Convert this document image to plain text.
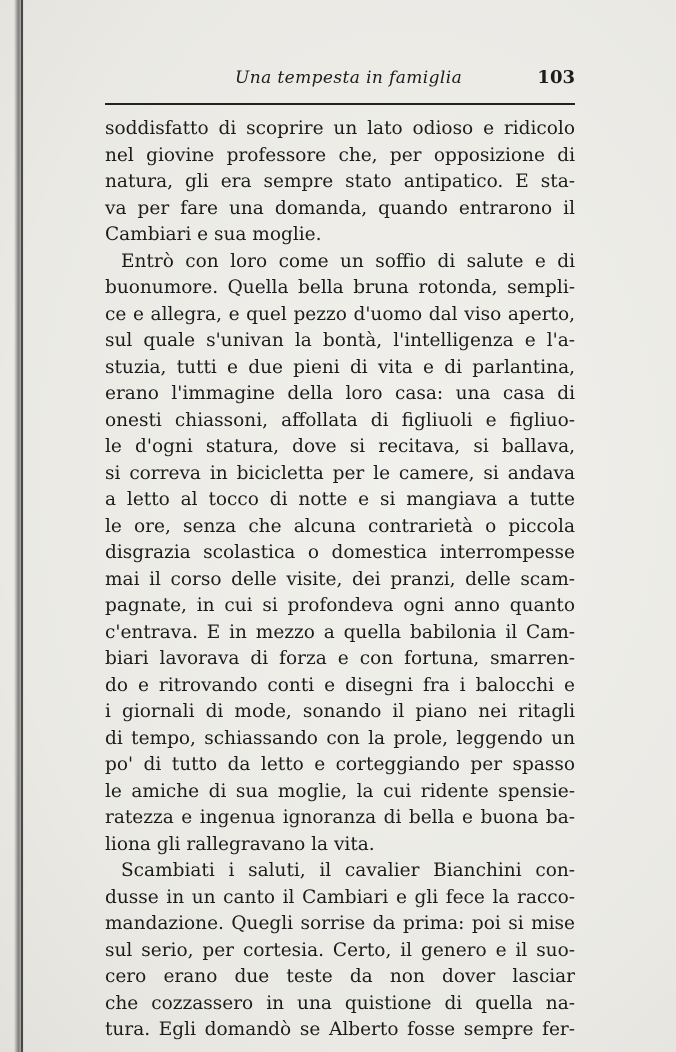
Una tempesta in famiglia	103
soddisfatto di scoprire un lato odioso e ridicolo
nel giovine professore che, per opposizione di
natura, gli era sempre stato antipatico. E sta-
va per fare una domanda, quando entrarono il
Cambiari e sua moglie.
Entrò con loro come un soffio di salute e di
buonumore. Quella bella bruna rotonda, sempli-
ce e allegra, e quel pezzo d'uomo dal viso aperto,
sul quale s'univan la bontà, l'intelligenza e l'a-
stuzia, tutti e due pieni di vita e di parlantina,
erano l'immagine della loro casa: una casa di
onesti chiassoni, affollata di figliuoli e figliuo-
le d'ogni statura, dove si recitava, si ballava,
si correva in bicicletta per le camere, si andava
a letto al tocco di notte e si mangiava a tutte
le ore, senza che alcuna contrarietà o piccola
disgrazia scolastica o domestica interrompesse
mai il corso delle visite, dei pranzi, delle scam-
pagnate, in cui si profondeva ogni anno quanto
c'entrava. E in mezzo a quella babilonia il Cam-
biari lavorava di forza e con fortuna, smarren-
do e ritrovando conti e disegni fra i balocchi e
i giornali di mode, sonando il piano nei ritagli
di tempo, schiassando con la prole, leggendo un
po' di tutto da letto e corteggiando per spasso
le amiche di sua moglie, la cui ridente spensie-
ratezza e ingenua ignoranza di bella e buona ba-
liona gli rallegravano la vita.
Scambiati i saluti, il cavalier Bianchini con-
dusse in un canto il Cambiari e gli fece la racco-
mandazione. Quegli sorrise da prima: poi si mise
sul serio, per cortesia. Certo, il genero e il suo-
cero erano due teste da non dover lasciar
che cozzassero in una quistione di quella na-
tura. Egli domandò se Alberto fosse sempre fer-
